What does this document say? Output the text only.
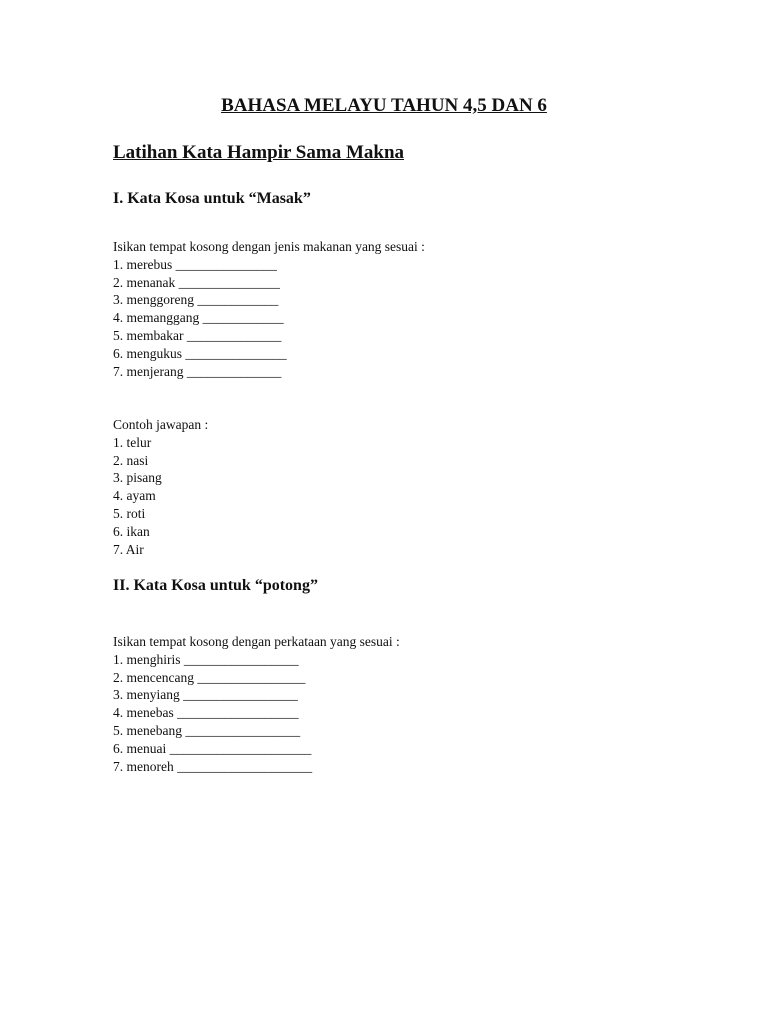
BAHASA MELAYU TAHUN 4,5 DAN 6
Latihan Kata Hampir Sama Makna
I. Kata Kosa untuk “Masak”
Isikan tempat kosong dengan jenis makanan yang sesuai :
1. merebus _______________
2. menanak _______________
3. menggoreng ____________
4. memanggang ____________
5. membakar ______________
6. mengukus _______________
7. menjerang ______________
Contoh jawapan :
1. telur
2. nasi
3. pisang
4. ayam
5. roti
6. ikan
7. Air
II. Kata Kosa untuk “potong”
Isikan tempat kosong dengan perkataan yang sesuai :
1. menghiris _________________
2. mencencang ________________
3. menyiang _________________
4. menebas __________________
5. menebang _________________
6. menuai _____________________
7. menoreh ____________________
